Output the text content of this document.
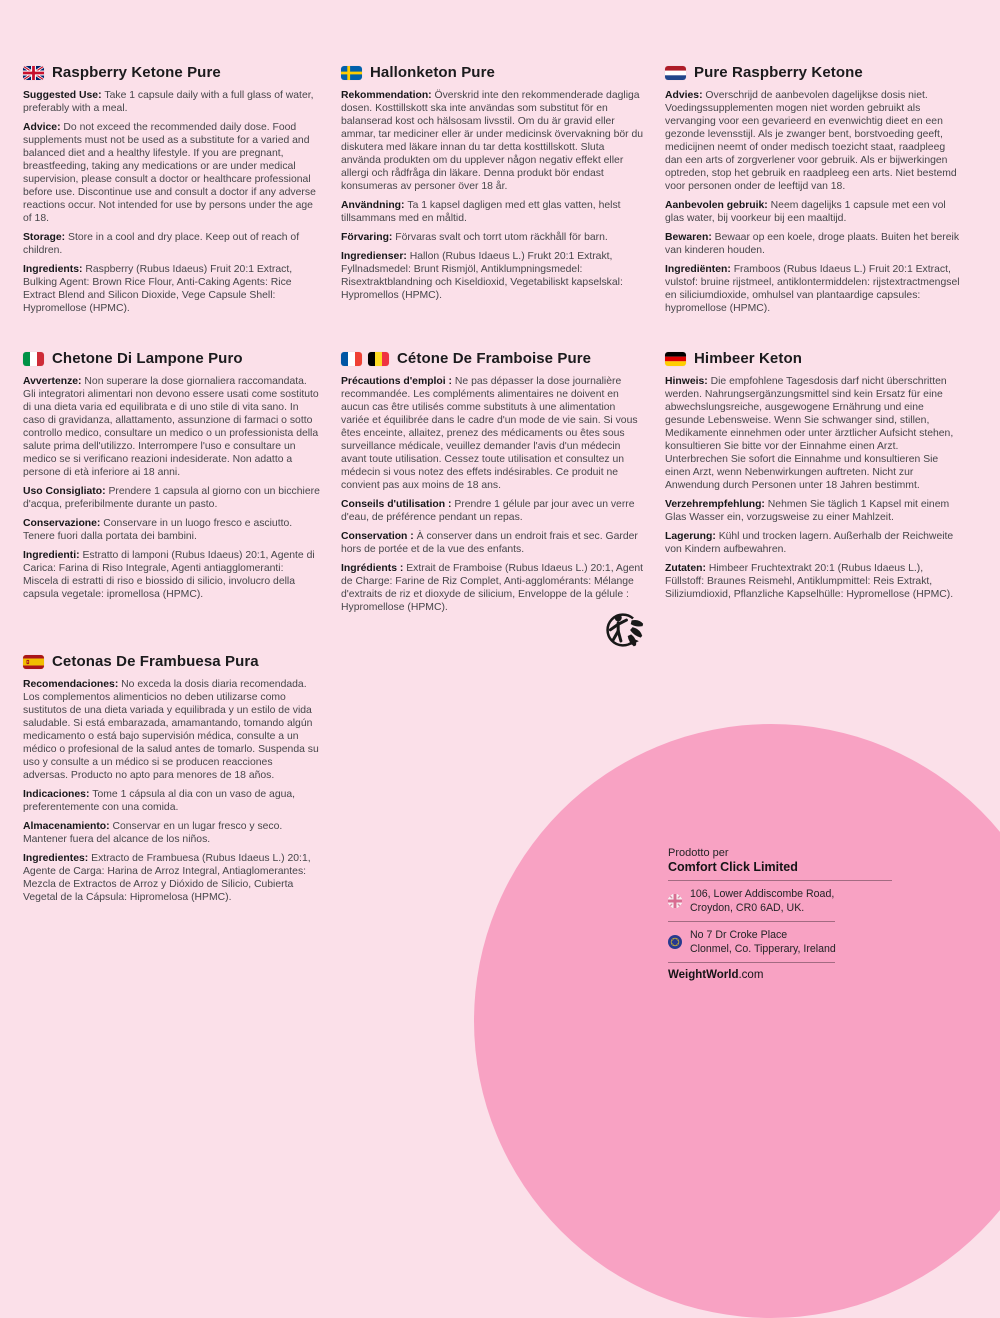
Raspberry Ketone Pure

Suggested Use: Take 1 capsule daily with a full glass of water, preferably with a meal.

Advice: Do not exceed the recommended daily dose. Food supplements must not be used as a substitute for a varied and balanced diet and a healthy lifestyle. If you are pregnant, breastfeeding, taking any medications or are under medical supervision, please consult a doctor or healthcare professional before use. Discontinue use and consult a doctor if any adverse reactions occur. Not intended for use by persons under the age of 18.

Storage: Store in a cool and dry place. Keep out of reach of children.

Ingredients: Raspberry (Rubus Idaeus) Fruit 20:1 Extract, Bulking Agent: Brown Rice Flour, Anti-Caking Agents: Rice Extract Blend and Silicon Dioxide, Vege Capsule Shell: Hypromellose (HPMC).

Hallonketon Pure

Rekommendation: Överskrid inte den rekommenderade dagliga dosen. Kosttillskott ska inte användas som substitut för en balanserad kost och hälsosam livsstil. Om du är gravid eller ammar, tar mediciner eller är under medicinsk övervakning bör du diskutera med läkare innan du tar detta kosttillskott. Sluta använda produkten om du upplever någon negativ effekt eller allergi och rådfråga din läkare. Denna produkt bör endast konsumeras av personer över 18 år.

Användning: Ta 1 kapsel dagligen med ett glas vatten, helst tillsammans med en måltid.

Förvaring: Förvaras svalt och torrt utom räckhåll för barn.

Ingredienser: Hallon (Rubus Idaeus L.) Frukt 20:1 Extrakt, Fyllnadsmedel: Brunt Rismjöl, Antiklumpningsmedel: Risextraktblandning och Kiseldioxid, Vegetabiliskt kapselskal: Hypromellos (HPMC).

Pure Raspberry Ketone

Advies: Overschrijd de aanbevolen dagelijkse dosis niet. Voedingssupplementen mogen niet worden gebruikt als vervanging voor een gevarieerd en evenwichtig dieet en een gezonde levensstijl. Als je zwanger bent, borstvoeding geeft, medicijnen neemt of onder medisch toezicht staat, raadpleeg dan een arts of zorgverlener voor gebruik. Als er bijwerkingen optreden, stop het gebruik en raadpleeg een arts. Niet bestemd voor personen onder de leeftijd van 18.

Aanbevolen gebruik: Neem dagelijks 1 capsule met een vol glas water, bij voorkeur bij een maaltijd.

Bewaren: Bewaar op een koele, droge plaats. Buiten het bereik van kinderen houden.

Ingrediënten: Framboos (Rubus Idaeus L.) Fruit 20:1 Extract, vulstof: bruine rijstmeel, antiklontermiddelen: rijstextractmengsel en siliciumdioxide, omhulsel van plantaardige capsules: hypromellose (HPMC).

Chetone Di Lampone Puro

Avvertenze: Non superare la dose giornaliera raccomandata. Gli integratori alimentari non devono essere usati come sostituto di una dieta varia ed equilibrata e di uno stile di vita sano. In caso di gravidanza, allattamento, assunzione di farmaci o sotto controllo medico, consultare un medico o un professionista della salute prima dell'utilizzo. Interrompere l'uso e consultare un medico se si verificano reazioni indesiderate. Non adatto a persone di età inferiore ai 18 anni.

Uso Consigliato: Prendere 1 capsula al giorno con un bicchiere d'acqua, preferibilmente durante un pasto.

Conservazione: Conservare in un luogo fresco e asciutto. Tenere fuori dalla portata dei bambini.

Ingredienti: Estratto di lamponi (Rubus Idaeus) 20:1, Agente di Carica: Farina di Riso Integrale, Agenti antiagglomeranti: Miscela di estratti di riso e biossido di silicio, involucro della capsula vegetale: ipromellosa (HPMC).

Cétone De Framboise Pure

Précautions d'emploi : Ne pas dépasser la dose journalière recommandée. Les compléments alimentaires ne doivent en aucun cas être utilisés comme substituts à une alimentation variée et équilibrée dans le cadre d'un mode de vie sain. Si vous êtes enceinte, allaitez, prenez des médicaments ou êtes sous surveillance médicale, veuillez demander l'avis d'un médecin avant toute utilisation. Cessez toute utilisation et consultez un médecin si vous notez des effets indésirables. Ce produit ne convient pas aux moins de 18 ans.

Conseils d'utilisation : Prendre 1 gélule par jour avec un verre d'eau, de préférence pendant un repas.

Conservation : À conserver dans un endroit frais et sec. Garder hors de portée et de la vue des enfants.

Ingrédients : Extrait de Framboise (Rubus Idaeus L.) 20:1, Agent de Charge: Farine de Riz Complet, Anti-agglomérants: Mélange d'extraits de riz et dioxyde de silicium, Enveloppe de la gélule : Hypromellose (HPMC).

Himbeer Keton

Hinweis: Die empfohlene Tagesdosis darf nicht überschritten werden. Nahrungsergänzungsmittel sind kein Ersatz für eine abwechslungsreiche, ausgewogene Ernährung und eine gesunde Lebensweise. Wenn Sie schwanger sind, stillen, Medikamente einnehmen oder unter ärztlicher Aufsicht stehen, konsultieren Sie bitte vor der Einnahme einen Arzt. Unterbrechen Sie sofort die Einnahme und konsultieren Sie einen Arzt, wenn Nebenwirkungen auftreten. Nicht zur Anwendung durch Personen unter 18 Jahren bestimmt.

Verzehrempfehlung: Nehmen Sie täglich 1 Kapsel mit einem Glas Wasser ein, vorzugsweise zu einer Mahlzeit.

Lagerung: Kühl und trocken lagern. Außerhalb der Reichweite von Kindern aufbewahren.

Zutaten: Himbeer Fruchtextrakt 20:1 (Rubus Idaeus L.), Füllstoff: Braunes Reismehl, Antiklumpmittel: Reis Extrakt, Siliziumdioxid, Pflanzliche Kapselhülle: Hypromellose (HPMC).

Cetonas De Frambuesa Pura

Recomendaciones: No exceda la dosis diaria recomendada. Los complementos alimenticios no deben utilizarse como sustitutos de una dieta variada y equilibrada y un estilo de vida saludable. Si está embarazada, amamantando, tomando algún medicamento o está bajo supervisión médica, consulte a un médico o profesional de la salud antes de tomarlo. Suspenda su uso y consulte a un médico si se producen reacciones adversas. Producto no apto para menores de 18 años.

Indicaciones: Tome 1 cápsula al dia con un vaso de agua, preferentemente con una comida.

Almacenamiento: Conservar en un lugar fresco y seco. Mantener fuera del alcance de los niños.

Ingredientes: Extracto de Frambuesa (Rubus Idaeus L.) 20:1, Agente de Carga: Harina de Arroz Integral, Antiaglomerantes: Mezcla de Extractos de Arroz y Dióxido de Silicio, Cubierta Vegetal de la Cápsula: Hipromelosa (HPMC).

Prodotto per
Comfort Click Limited
106, Lower Addiscombe Road,
Croydon, CR0 6AD, UK.
No 7 Dr Croke Place
Clonmel, Co. Tipperary, Ireland
WeightWorld.com
